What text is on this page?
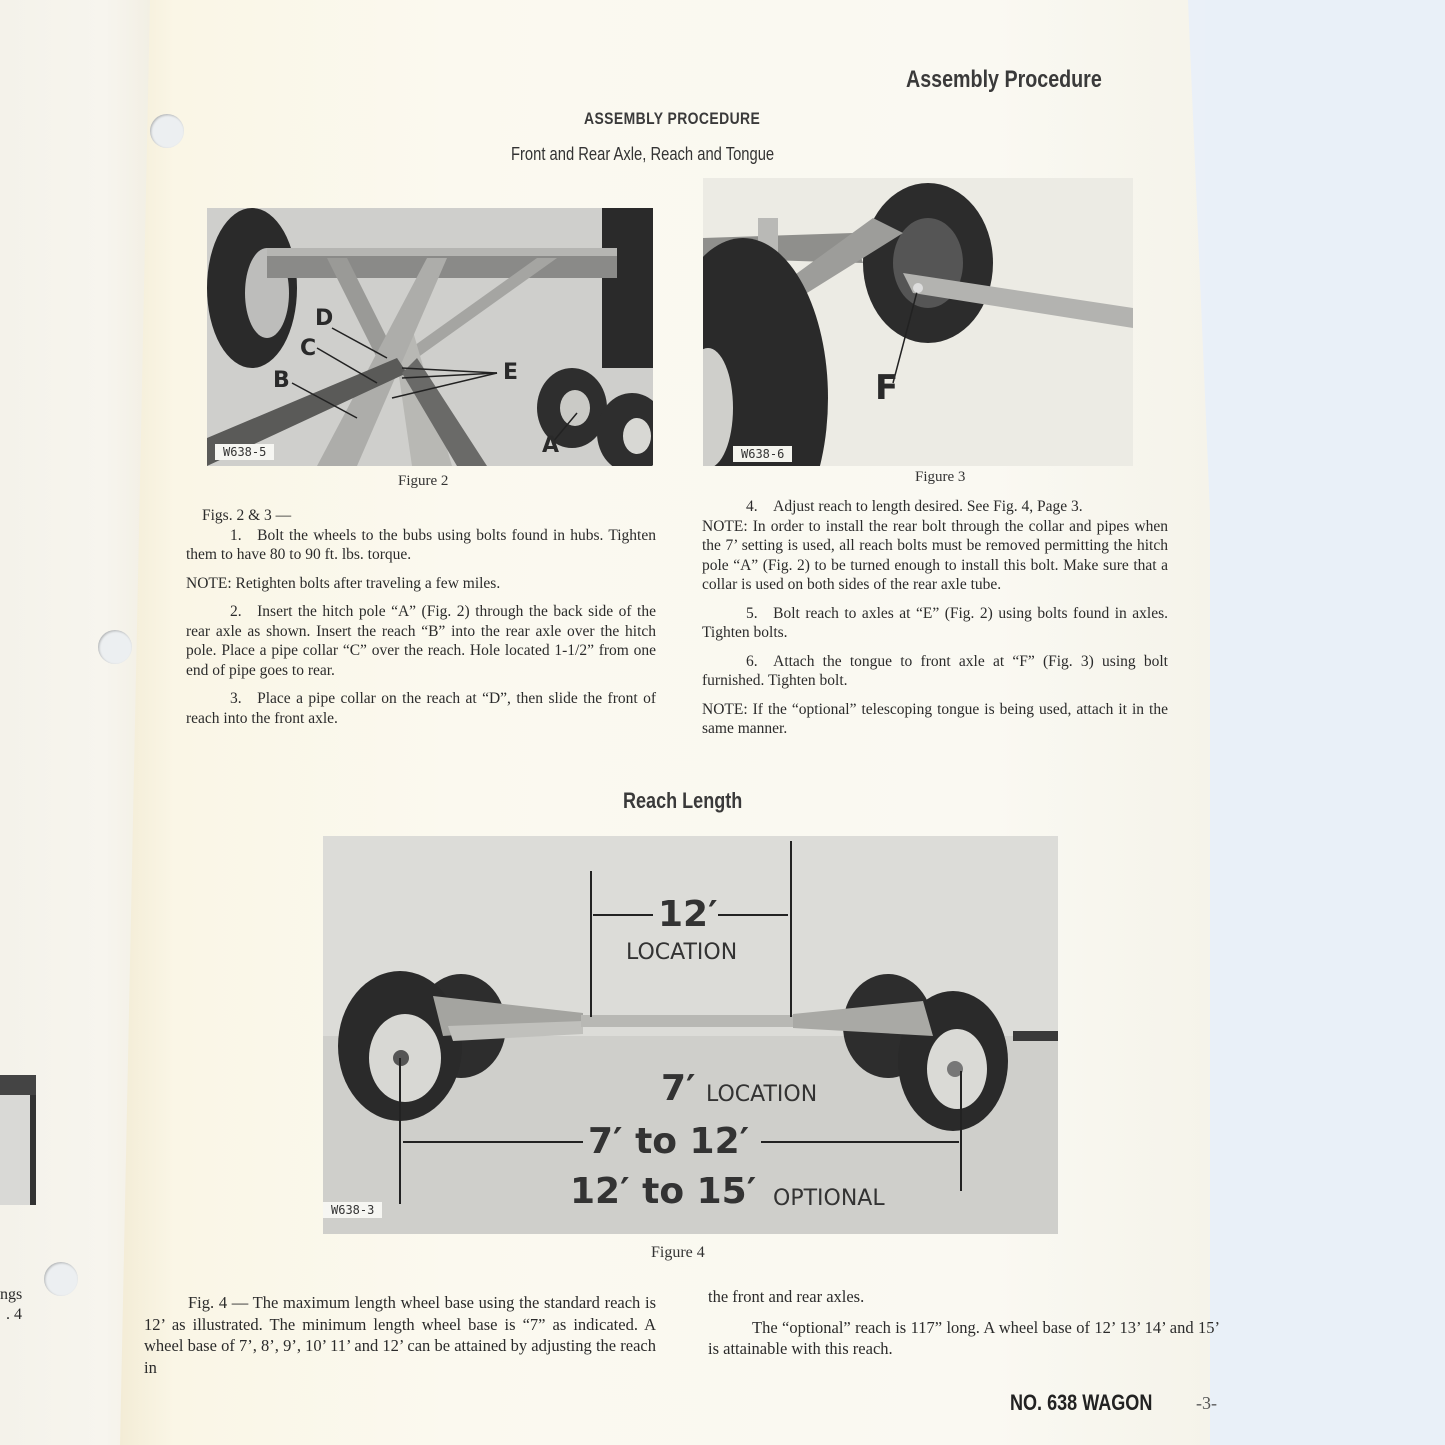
ngs
. 4
Assembly Procedure
ASSEMBLY PROCEDURE
Front and Rear Axle, Reach and Tongue
D
C
B	E
A
W638-5
Figure 2
F
W638-6
Figure 3

Figs. 2 & 3 —

1. Bolt the wheels to the bubs using bolts found in hubs. Tighten them to have 80 to 90 ft. lbs. torque.

NOTE: Retighten bolts after traveling a few miles.

2. Insert the hitch pole “A” (Fig. 2) through the back side of the rear axle as shown. Insert the reach “B” into the rear axle over the hitch pole. Place a pipe collar “C” over the reach. Hole located 1-1/2” from one end of pipe goes to rear.

3. Place a pipe collar on the reach at “D”, then slide the front of reach into the front axle.

4. Adjust reach to length desired. See Fig. 4, Page 3.

NOTE: In order to install the rear bolt through the collar and pipes when the 7’ setting is used, all reach bolts must be removed permitting the hitch pole “A” (Fig. 2) to be turned enough to install this bolt. Make sure that a collar is used on both sides of the rear axle tube.

5. Bolt reach to axles at “E” (Fig. 2) using bolts found in axles. Tighten bolts.

6. Attach the tongue to front axle at “F” (Fig. 3) using bolt furnished. Tighten bolt.

NOTE: If the “optional” telescoping tongue is being used, attach it in the same manner.

Reach Length
12′
LOCATION
7′ LOCATION
7′ to 12′
12′ to 15′ OPTIONAL
W638-3
Figure 4

Fig. 4 — The maximum length wheel base using the standard reach is 12’ as illustrated. The minimum length wheel base is “7” as indicated. A wheel base of 7’, 8’, 9’, 10’ 11’ and 12’ can be attained by adjusting the reach in

the front and rear axles.

The “optional” reach is 117” long. A wheel base of 12’ 13’ 14’ and 15’ is attainable with this reach.

NO. 638 WAGON -3-
